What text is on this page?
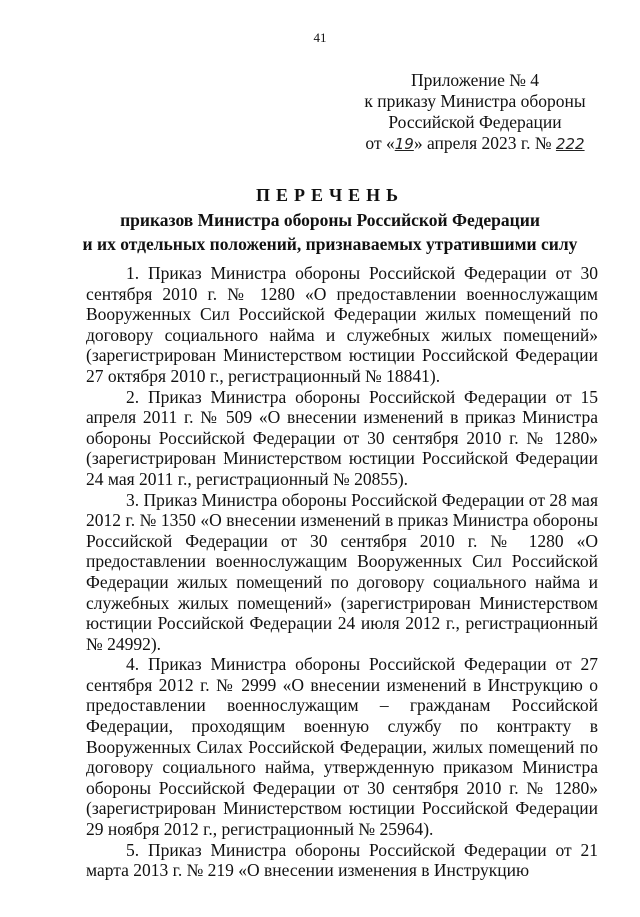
41
Приложение № 4
к приказу Министра обороны
Российской Федерации
от «19» апреля 2023 г. № 222
ПЕРЕЧЕНЬ
приказов Министра обороны Российской Федерации
и их отдельных положений, признаваемых утратившими силу

1. Приказ Министра обороны Российской Федерации от 30 сентября 2010 г. № 1280 «О предоставлении военнослужащим Вооруженных Сил Российской Федерации жилых помещений по договору социального найма и служебных жилых помещений» (зарегистрирован Министерством юстиции Российской Федерации 27 октября 2010 г., регистрационный № 18841).

2. Приказ Министра обороны Российской Федерации от 15 апреля 2011 г. № 509 «О внесении изменений в приказ Министра обороны Российской Федерации от 30 сентября 2010 г. № 1280» (зарегистрирован Министерством юстиции Российской Федерации 24 мая 2011 г., регистрационный № 20855).

3. Приказ Министра обороны Российской Федерации от 28 мая 2012 г. № 1350 «О внесении изменений в приказ Министра обороны Российской Федерации от 30 сентября 2010 г. № 1280 «О предоставлении военнослужащим Вооруженных Сил Российской Федерации жилых помещений по договору социального найма и служебных жилых помещений» (зарегистрирован Министерством юстиции Российской Федерации 24 июля 2012 г., регистрационный № 24992).

4. Приказ Министра обороны Российской Федерации от 27 сентября 2012 г. № 2999 «О внесении изменений в Инструкцию о предоставлении военнослужащим – гражданам Российской Федерации, проходящим военную службу по контракту в Вооруженных Силах Российской Федерации, жилых помещений по договору социального найма, утвержденную приказом Министра обороны Российской Федерации от 30 сентября 2010 г. № 1280» (зарегистрирован Министерством юстиции Российской Федерации 29 ноября 2012 г., регистрационный № 25964).

5. Приказ Министра обороны Российской Федерации от 21 марта 2013 г. № 219 «О внесении изменения в Инструкцию
